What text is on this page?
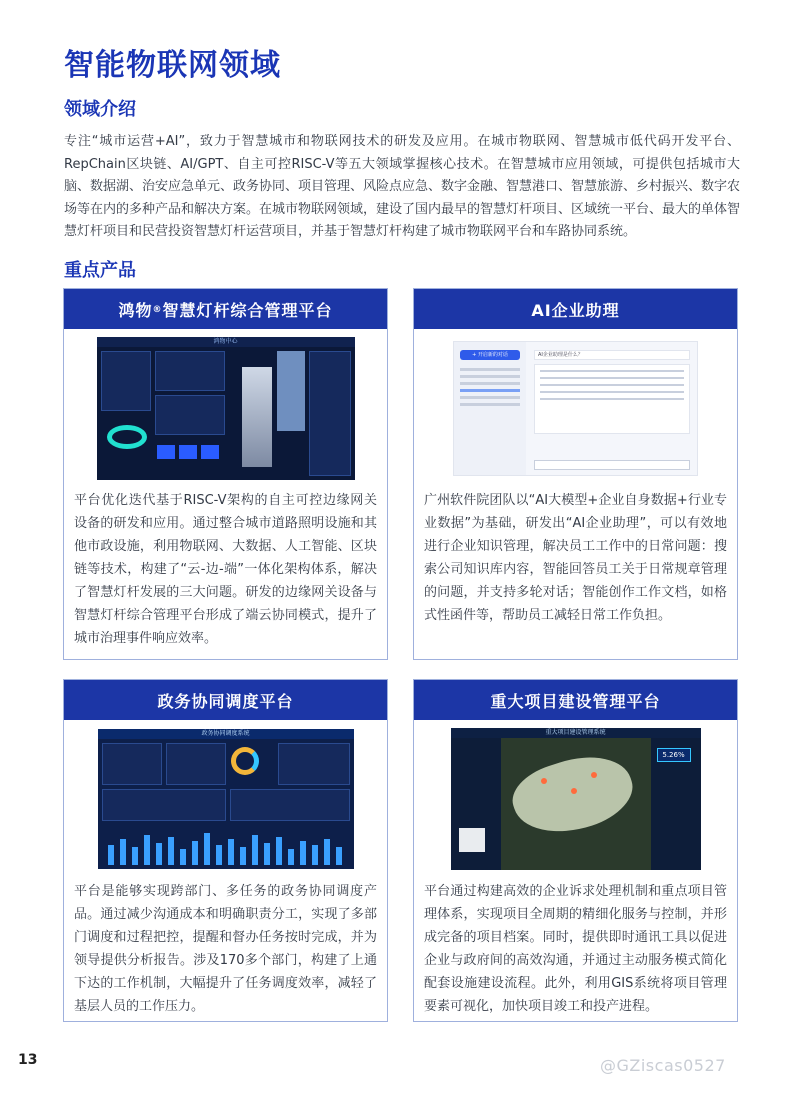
智能物联网领域
领域介绍
专注“城市运营+AI”，致力于智慧城市和物联网技术的研发及应用。在城市物联网、智慧城市低代码开发平台、RepChain区块链、AI/GPT、自主可控RISC-V等五大领域掌握核心技术。在智慧城市应用领域，可提供包括城市大脑、数据湖、治安应急单元、政务协同、项目管理、风险点应急、数字金融、智慧港口、智慧旅游、乡村振兴、数字农场等在内的多种产品和解决方案。在城市物联网领域，建设了国内最早的智慧灯杆项目、区域统一平台、最大的单体智慧灯杆项目和民营投资智慧灯杆运营项目，并基于智慧灯杆构建了城市物联网平台和车路协同系统。
重点产品
鸿物® 智慧灯杆综合管理平台
鸿物中心
平台优化迭代基于RISC-V架构的自主可控边缘网关设备的研发和应用。通过整合城市道路照明设施和其他市政设施，利用物联网、大数据、人工智能、区块链等技术，构建了“云-边-端”一体化架构体系，解决了智慧灯杆发展的三大问题。研发的边缘网关设备与智慧灯杆综合管理平台形成了端云协同模式，提升了城市治理事件响应效率。
AI企业助理
+ 开启新的对话	AI企业助理是什么？
广州软件院团队以“AI大模型+企业自身数据+行业专业数据”为基础，研发出“AI企业助理”，可以有效地进行企业知识管理，解决员工工作中的日常问题：搜索公司知识库内容，智能回答员工关于日常规章管理的问题，并支持多轮对话；智能创作工作文档，如格式性函件等，帮助员工减轻日常工作负担。
政务协同调度平台
政务协同调度系统
平台是能够实现跨部门、多任务的政务协同调度产品。通过减少沟通成本和明确职责分工，实现了多部门调度和过程把控，提醒和督办任务按时完成，并为领导提供分析报告。涉及170多个部门，构建了上通下达的工作机制，大幅提升了任务调度效率，减轻了基层人员的工作压力。
重大项目建设管理平台
重大项目建设管理系统
5.26%
平台通过构建高效的企业诉求处理机制和重点项目管理体系，实现项目全周期的精细化服务与控制，并形成完备的项目档案。同时，提供即时通讯工具以促进企业与政府间的高效沟通，并通过主动服务模式简化配套设施建设流程。此外，利用GIS系统将项目管理要素可视化，加快项目竣工和投产进程。
13	@GZiscas0527
